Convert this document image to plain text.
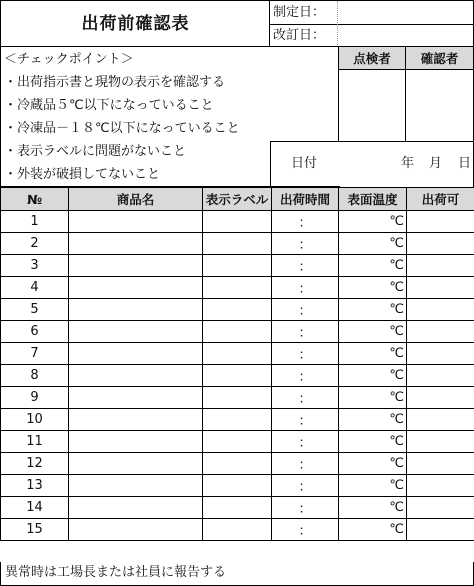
出荷前確認表
制定日：
改訂日：
＜チェックポイント＞
・出荷指示書と現物の表示を確認する
・冷蔵品５℃以下になっていること
・冷凍品－１８℃以下になっていること
・表示ラベルに問題がないこと
・外装が破損してないこと
点検者	確認者
日付	年 月 日
№	商品名	表示ラベル	出荷時間	表面温度	出荷可
1			：	℃	
2			：	℃	
3			：	℃	
4			：	℃	
5			：	℃	
6			：	℃	
7			：	℃	
8			：	℃	
9			：	℃	
10			：	℃	
11			：	℃	
12			：	℃	
13			：	℃	
14			：	℃	
15			：	℃	
異常時は工場長または社員に報告する
